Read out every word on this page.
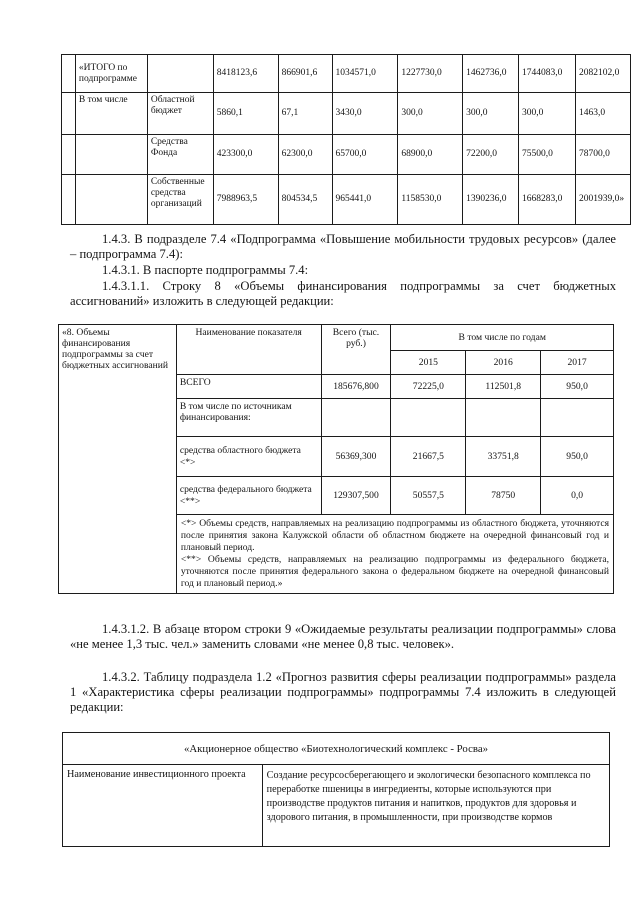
	«ИТОГО по подпрограмме		8418123,6	866901,6	1034571,0	1227730,0	1462736,0	1744083,0	2082102,0
	В том числе	Областной бюджет	5860,1	67,1	3430,0	300,0	300,0	300,0	1463,0
		Средства Фонда	423300,0	62300,0	65700,0	68900,0	72200,0	75500,0	78700,0
		Собственные средства организаций	7988963,5	804534,5	965441,0	1158530,0	1390236,0	1668283,0	2001939,0»
1.4.3. В подразделе 7.4 «Подпрограмма «Повышение мобильности трудовых ресурсов» (далее – подпрограмма 7.4):
1.4.3.1. В паспорте подпрограммы 7.4:
1.4.3.1.1. Строку 8 «Объемы финансирования подпрограммы за счет бюджетных ассигнований» изложить в следующей редакции:
«8. Объемы финансирования подпрограммы за счет бюджетных ассигнований	Наименование показателя	Всего (тыс. руб.)	В том числе по годам		
			2015	2016	2017
	ВСЕГО	185676,800	72225,0	112501,8	950,0
	В том числе по источникам финансирования:				
	средства областного бюджета <*>	56369,300	21667,5	33751,8	950,0
	средства федерального бюджета <**>	129307,500	50557,5	78750	0,0

	<*> Объемы средств, направляемых на реализацию подпрограммы из областного бюджета, уточняются после принятия закона Калужской области об областном бюджете на очередной финансовый год и плановый период.
<**> Объемы средств, направляемых на реализацию подпрограммы из федерального бюджета, уточняются после принятия федерального закона о федеральном бюджете на очередной финансовый год и плановый период.»				
1.4.3.1.2. В абзаце втором строки 9 «Ожидаемые результаты реализации подпрограммы» слова «не менее 1,3 тыс. чел.» заменить словами «не менее 0,8 тыс. человек».
1.4.3.2. Таблицу подраздела 1.2 «Прогноз развития сферы реализации подпрограммы» раздела 1 «Характеристика сферы реализации подпрограммы» подпрограммы 7.4 изложить в следующей редакции:
«Акционерное общество «Биотехнологический комплекс - Росва»
Наименование инвестиционного проекта	Создание ресурсосберегающего и экологически безопасного комплекса по переработке пшеницы в ингредиенты, которые используются при производстве продуктов питания и напитков, продуктов для здоровья и здорового питания, в промышленности, при производстве кормов
